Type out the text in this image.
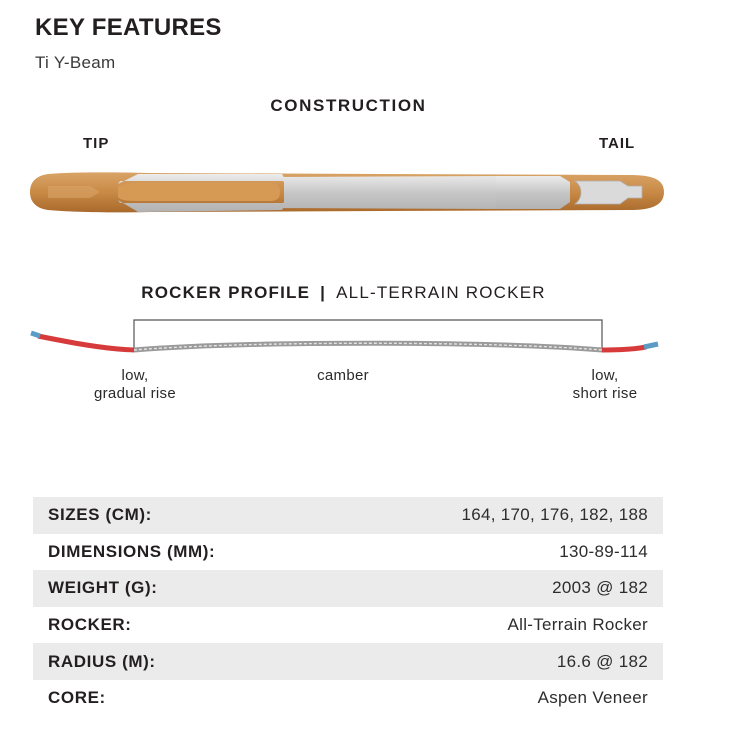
KEY FEATURES
Ti Y-Beam
CONSTRUCTION
TIP	TAIL
ROCKER PROFILE | ALL-TERRAIN ROCKER
low,
gradual rise
camber	low,
short rise
SIZES (CM):	164, 170, 176, 182, 188
DIMENSIONS (MM):	130-89-114
WEIGHT (G):	2003 @ 182
ROCKER:	All-Terrain Rocker
RADIUS (M):	16.6 @ 182
CORE:	Aspen Veneer
